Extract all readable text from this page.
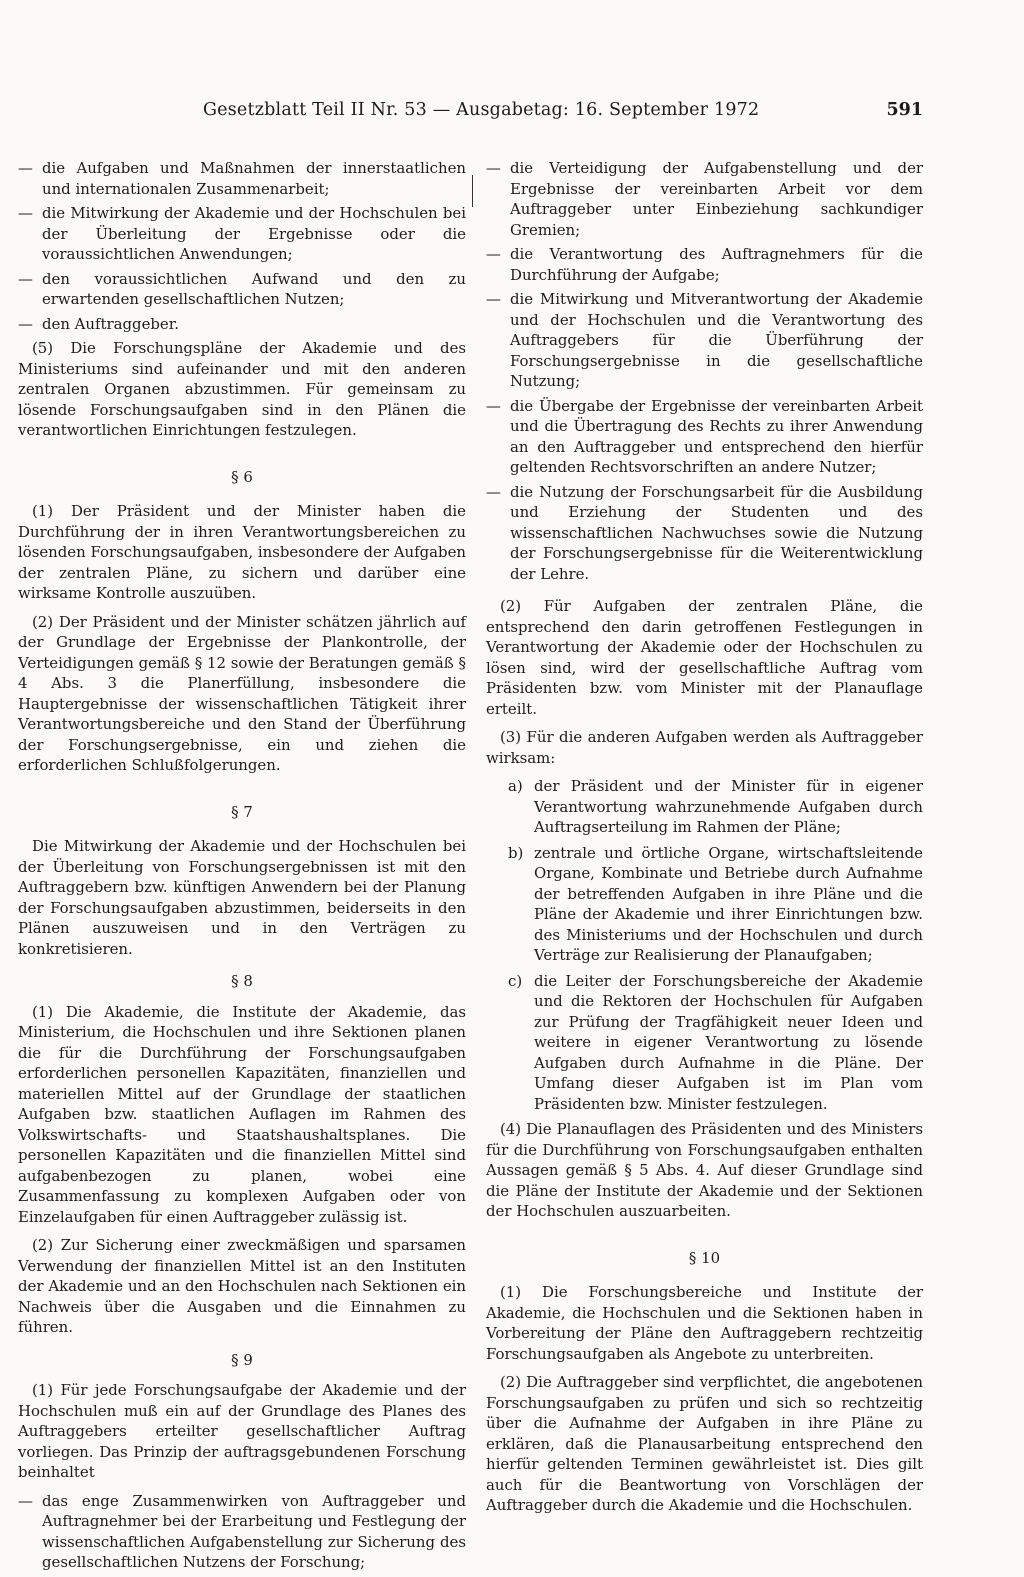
Gesetzblatt Teil II Nr. 53 — Ausgabetag: 16. September 1972	591
— die Aufgaben und Maßnahmen der innerstaatlichen und internationalen Zusammenarbeit;
— die Mitwirkung der Akademie und der Hochschulen bei der Überleitung der Ergebnisse oder die voraussichtlichen Anwendungen;
— den voraussichtlichen Aufwand und den zu erwartenden gesellschaftlichen Nutzen;
— den Auftraggeber.

(5) Die Forschungspläne der Akademie und des Ministeriums sind aufeinander und mit den anderen zentralen Organen abzustimmen. Für gemeinsam zu lösende Forschungsaufgaben sind in den Plänen die verantwortlichen Einrichtungen festzulegen.

§ 6

(1) Der Präsident und der Minister haben die Durchführung der in ihren Verantwortungsbereichen zu lösenden Forschungsaufgaben, insbesondere der Aufgaben der zentralen Pläne, zu sichern und darüber eine wirksame Kontrolle auszuüben.

(2) Der Präsident und der Minister schätzen jährlich auf der Grundlage der Ergebnisse der Plankontrolle, der Verteidigungen gemäß § 12 sowie der Beratungen gemäß § 4 Abs. 3 die Planerfüllung, insbesondere die Hauptergebnisse der wissenschaftlichen Tätigkeit ihrer Verantwortungsbereiche und den Stand der Überführung der Forschungsergebnisse, ein und ziehen die erforderlichen Schlußfolgerungen.

§ 7

Die Mitwirkung der Akademie und der Hochschulen bei der Überleitung von Forschungsergebnissen ist mit den Auftraggebern bzw. künftigen Anwendern bei der Planung der Forschungsaufgaben abzustimmen, beiderseits in den Plänen auszuweisen und in den Verträgen zu konkretisieren.

§ 8

(1) Die Akademie, die Institute der Akademie, das Ministerium, die Hochschulen und ihre Sektionen planen die für die Durchführung der Forschungsaufgaben erforderlichen personellen Kapazitäten, finanziellen und materiellen Mittel auf der Grundlage der staatlichen Aufgaben bzw. staatlichen Auflagen im Rahmen des Volkswirtschafts- und Staatshaushaltsplanes. Die personellen Kapazitäten und die finanziellen Mittel sind aufgabenbezogen zu planen, wobei eine Zusammenfassung zu komplexen Aufgaben oder von Einzelaufgaben für einen Auftraggeber zulässig ist.

(2) Zur Sicherung einer zweckmäßigen und sparsamen Verwendung der finanziellen Mittel ist an den Instituten der Akademie und an den Hochschulen nach Sektionen ein Nachweis über die Ausgaben und die Einnahmen zu führen.

§ 9

(1) Für jede Forschungsaufgabe der Akademie und der Hochschulen muß ein auf der Grundlage des Planes des Auftraggebers erteilter gesellschaftlicher Auftrag vorliegen. Das Prinzip der auftragsgebundenen Forschung beinhaltet

— das enge Zusammenwirken von Auftraggeber und Auftragnehmer bei der Erarbeitung und Festlegung der wissenschaftlichen Aufgabenstellung zur Sicherung des gesellschaftlichen Nutzens der Forschung;
— die Verteidigung der Aufgabenstellung und der Ergebnisse der vereinbarten Arbeit vor dem Auftraggeber unter Einbeziehung sachkundiger Gremien;
— die Verantwortung des Auftragnehmers für die Durchführung der Aufgabe;
— die Mitwirkung und Mitverantwortung der Akademie und der Hochschulen und die Verantwortung des Auftraggebers für die Überführung der Forschungsergebnisse in die gesellschaftliche Nutzung;
— die Übergabe der Ergebnisse der vereinbarten Arbeit und die Übertragung des Rechts zu ihrer Anwendung an den Auftraggeber und entsprechend den hierfür geltenden Rechtsvorschriften an andere Nutzer;
— die Nutzung der Forschungsarbeit für die Ausbildung und Erziehung der Studenten und des wissenschaftlichen Nachwuchses sowie die Nutzung der Forschungsergebnisse für die Weiterentwicklung der Lehre.

(2) Für Aufgaben der zentralen Pläne, die entsprechend den darin getroffenen Festlegungen in Verantwortung der Akademie oder der Hochschulen zu lösen sind, wird der gesellschaftliche Auftrag vom Präsidenten bzw. vom Minister mit der Planauflage erteilt.

(3) Für die anderen Aufgaben werden als Auftraggeber wirksam:

a) der Präsident und der Minister für in eigener Verantwortung wahrzunehmende Aufgaben durch Auftragserteilung im Rahmen der Pläne;
b) zentrale und örtliche Organe, wirtschaftsleitende Organe, Kombinate und Betriebe durch Aufnahme der betreffenden Aufgaben in ihre Pläne und die Pläne der Akademie und ihrer Einrichtungen bzw. des Ministeriums und der Hochschulen und durch Verträge zur Realisierung der Planaufgaben;
c) die Leiter der Forschungsbereiche der Akademie und die Rektoren der Hochschulen für Aufgaben zur Prüfung der Tragfähigkeit neuer Ideen und weitere in eigener Verantwortung zu lösende Aufgaben durch Aufnahme in die Pläne. Der Umfang dieser Aufgaben ist im Plan vom Präsidenten bzw. Minister festzulegen.

(4) Die Planauflagen des Präsidenten und des Ministers für die Durchführung von Forschungsaufgaben enthalten Aussagen gemäß § 5 Abs. 4. Auf dieser Grundlage sind die Pläne der Institute der Akademie und der Sektionen der Hochschulen auszuarbeiten.

§ 10

(1) Die Forschungsbereiche und Institute der Akademie, die Hochschulen und die Sektionen haben in Vorbereitung der Pläne den Auftraggebern rechtzeitig Forschungsaufgaben als Angebote zu unterbreiten.

(2) Die Auftraggeber sind verpflichtet, die angebotenen Forschungsaufgaben zu prüfen und sich so rechtzeitig über die Aufnahme der Aufgaben in ihre Pläne zu erklären, daß die Planausarbeitung entsprechend den hierfür geltenden Terminen gewährleistet ist. Dies gilt auch für die Beantwortung von Vorschlägen der Auftraggeber durch die Akademie und die Hochschulen.
